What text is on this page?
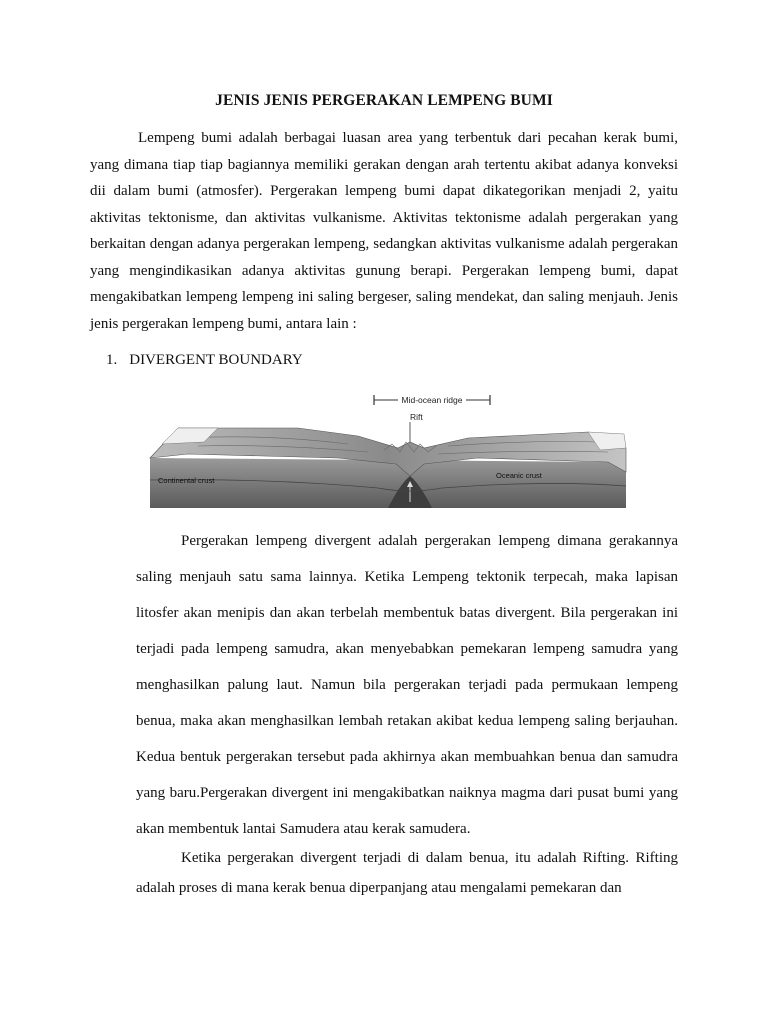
JENIS JENIS PERGERAKAN LEMPENG BUMI

Lempeng bumi adalah berbagai luasan area yang terbentuk dari pecahan kerak bumi, yang dimana tiap tiap bagiannya memiliki gerakan dengan arah tertentu akibat adanya konveksi dii dalam bumi (atmosfer). Pergerakan lempeng bumi dapat dikategorikan menjadi 2, yaitu aktivitas tektonisme, dan aktivitas vulkanisme. Aktivitas tektonisme adalah pergerakan yang berkaitan dengan adanya pergerakan lempeng, sedangkan aktivitas vulkanisme adalah pergerakan yang mengindikasikan adanya aktivitas gunung berapi. Pergerakan lempeng bumi, dapat mengakibatkan lempeng lempeng ini saling bergeser, saling mendekat, dan saling menjauh. Jenis jenis pergerakan lempeng bumi, antara lain :

1. DIVERGENT BOUNDARY
Mid-ocean ridge
Rift
Continental crust
Oceanic crust

Pergerakan lempeng divergent adalah pergerakan lempeng dimana gerakannya saling menjauh satu sama lainnya. Ketika Lempeng tektonik terpecah, maka lapisan litosfer akan menipis dan akan terbelah membentuk batas divergent. Bila pergerakan ini terjadi pada lempeng samudra, akan menyebabkan pemekaran lempeng samudra yang menghasilkan palung laut. Namun bila pergerakan terjadi pada permukaan lempeng benua, maka akan menghasilkan lembah retakan akibat kedua lempeng saling berjauhan. Kedua bentuk pergerakan tersebut pada akhirnya akan membuahkan benua dan samudra yang baru.Pergerakan divergent ini mengakibatkan naiknya magma dari pusat bumi yang akan membentuk lantai Samudera atau kerak samudera.

Ketika pergerakan divergent terjadi di dalam benua, itu adalah Rifting. Rifting adalah proses di mana kerak benua diperpanjang atau mengalami pemekaran dan
